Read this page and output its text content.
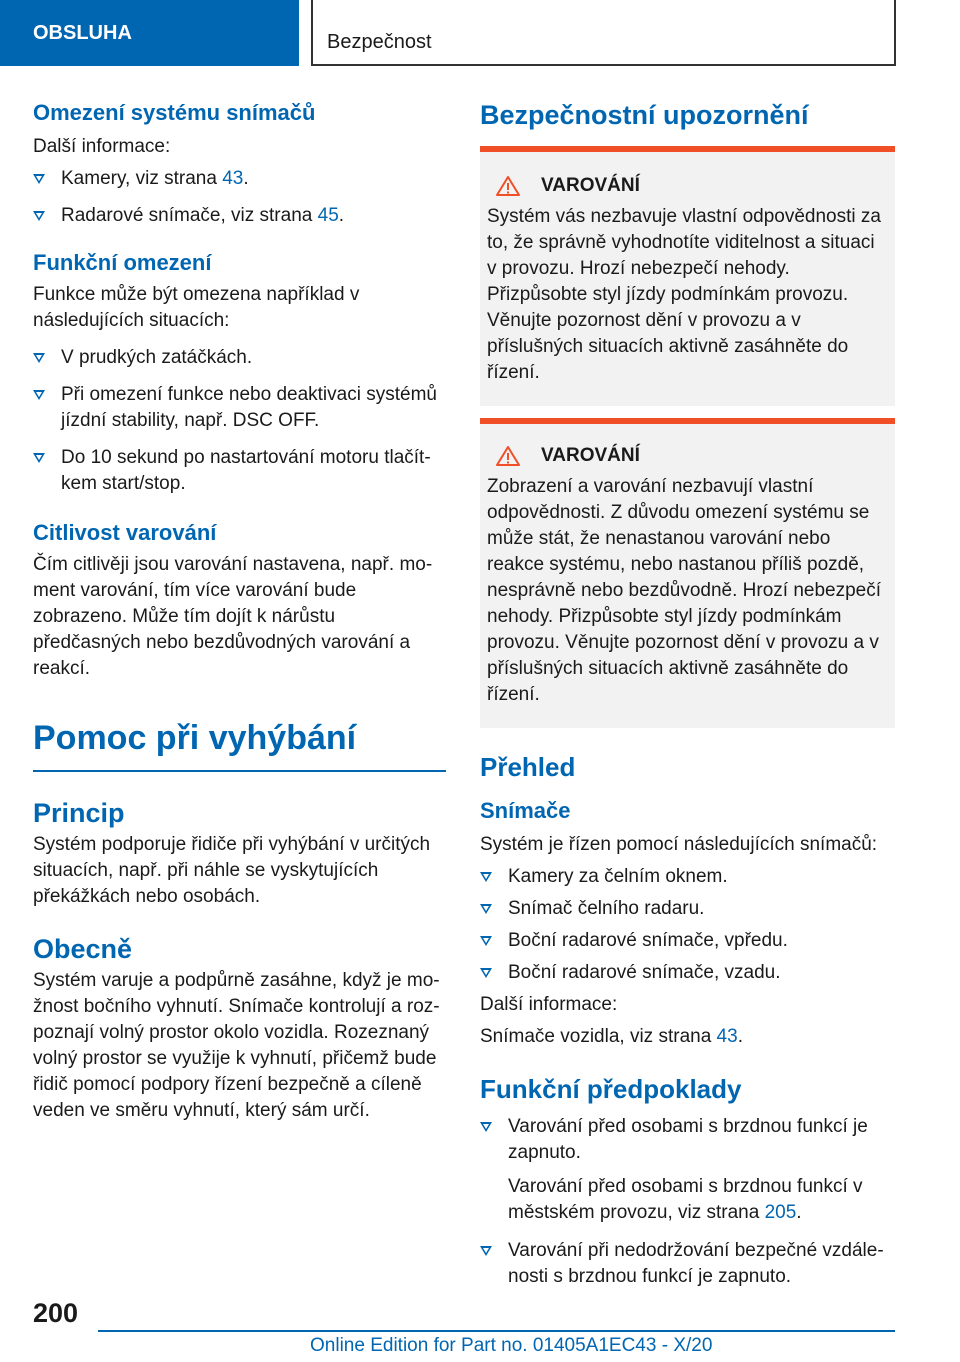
OBSLUHA	Bezpečnost
Omezení systému snímačů

Další informace:

Kamery, viz strana 43.
Radarové snímače, viz strana 45.
Funkční omezení

Funkce může být omezena například v následujících situacích:

V prudkých zatáčkách.
Při omezení funkce nebo deaktivaci systémů jízdní stability, např. DSC OFF.
Do 10 sekund po nastartování motoru tlačítkem start/stop.
Citlivost varování

Čím citlivěji jsou varování nastavena, např. moment varování, tím více varování bude zobrazeno. Může tím dojít k nárůstu předčasných nebo bezdůvodných varování a reakcí.

Pomoc při vyhýbání
Princip

Systém podporuje řidiče při vyhýbání v určitých situacích, např. při náhle se vyskytujících překážkách nebo osobách.

Obecně

Systém varuje a podpůrně zasáhne, když je možnost bočního vyhnutí. Snímače kontrolují a rozpoznají volný prostor okolo vozidla. Rozeznaný volný prostor se využije k vyhnutí, přičemž bude řidič pomocí podpory řízení bezpečně a cíleně veden ve směru vyhnutí, který sám určí.

Bezpečnostní upozornění
VAROVÁNÍ

Systém vás nezbavuje vlastní odpovědnosti za to, že správně vyhodnotíte viditelnost a situaci v provozu. Hrozí nebezpečí nehody. Přizpůsobte styl jízdy podmínkám provozu. Věnujte pozornost dění v provozu a v příslušných situacích aktivně zasáhněte do řízení.

VAROVÁNÍ

Zobrazení a varování nezbavují vlastní odpovědnosti. Z důvodu omezení systému se může stát, že nenastanou varování nebo reakce systému, nebo nastanou příliš pozdě, nesprávně nebo bezdůvodně. Hrozí nebezpečí nehody. Přizpůsobte styl jízdy podmínkám provozu. Věnujte pozornost dění v provozu a v příslušných situacích aktivně zasáhněte do řízení.

Přehled
Snímače

Systém je řízen pomocí následujících snímačů:

Kamery za čelním oknem.
Snímač čelního radaru.
Boční radarové snímače, vpředu.
Boční radarové snímače, vzadu.

Další informace:

Snímače vozidla, viz strana 43.

Funkční předpoklady
Varování před osobami s brzdnou funkcí je zapnuto.
Varování před osobami s brzdnou funkcí v městském provozu, viz strana 205.
Varování při nedodržování bezpečné vzdálenosti s brzdnou funkcí je zapnuto.
200
Online Edition for Part no. 01405A1EC43 - X/20
